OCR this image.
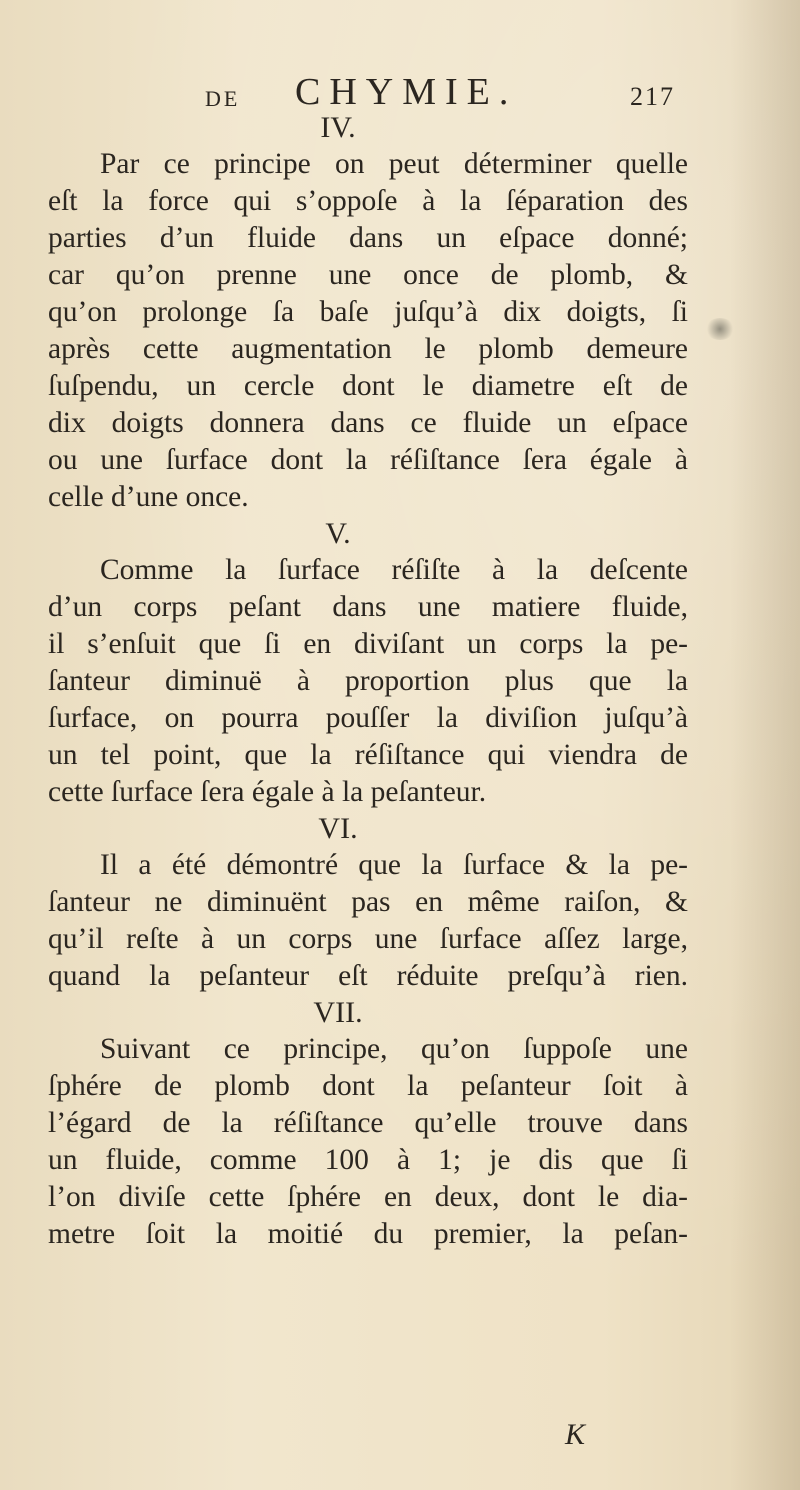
DE CHYMIE.	217
IV.
Par ce principe on peut déterminer quelle
eſt la force qui s’oppoſe à la ſéparation des
parties d’un fluide dans un eſpace donné;
car qu’on prenne une once de plomb, &
qu’on prolonge ſa baſe juſqu’à dix doigts, ſi
après cette augmentation le plomb demeure
ſuſpendu, un cercle dont le diametre eſt de
dix doigts donnera dans ce fluide un eſpace
ou une ſurface dont la réſiſtance ſera égale à
celle d’une once.
V.
Comme la ſurface réſiſte à la deſcente
d’un corps peſant dans une matiere fluide,
il s’enſuit que ſi en diviſant un corps la pe-
ſanteur diminuë à proportion plus que la
ſurface, on pourra pouſſer la diviſion juſqu’à
un tel point, que la réſiſtance qui viendra de
cette ſurface ſera égale à la peſanteur.
VI.
Il a été démontré que la ſurface & la pe-
ſanteur ne diminuënt pas en même raiſon, &
qu’il reſte à un corps une ſurface aſſez large,
quand la peſanteur eſt réduite preſqu’à rien.
VII.
Suivant ce principe, qu’on ſuppoſe une
ſphére de plomb dont la peſanteur ſoit à
l’égard de la réſiſtance qu’elle trouve dans
un fluide, comme 100 à 1; je dis que ſi
l’on diviſe cette ſphére en deux, dont le dia-
metre ſoit la moitié du premier, la peſan-
K
